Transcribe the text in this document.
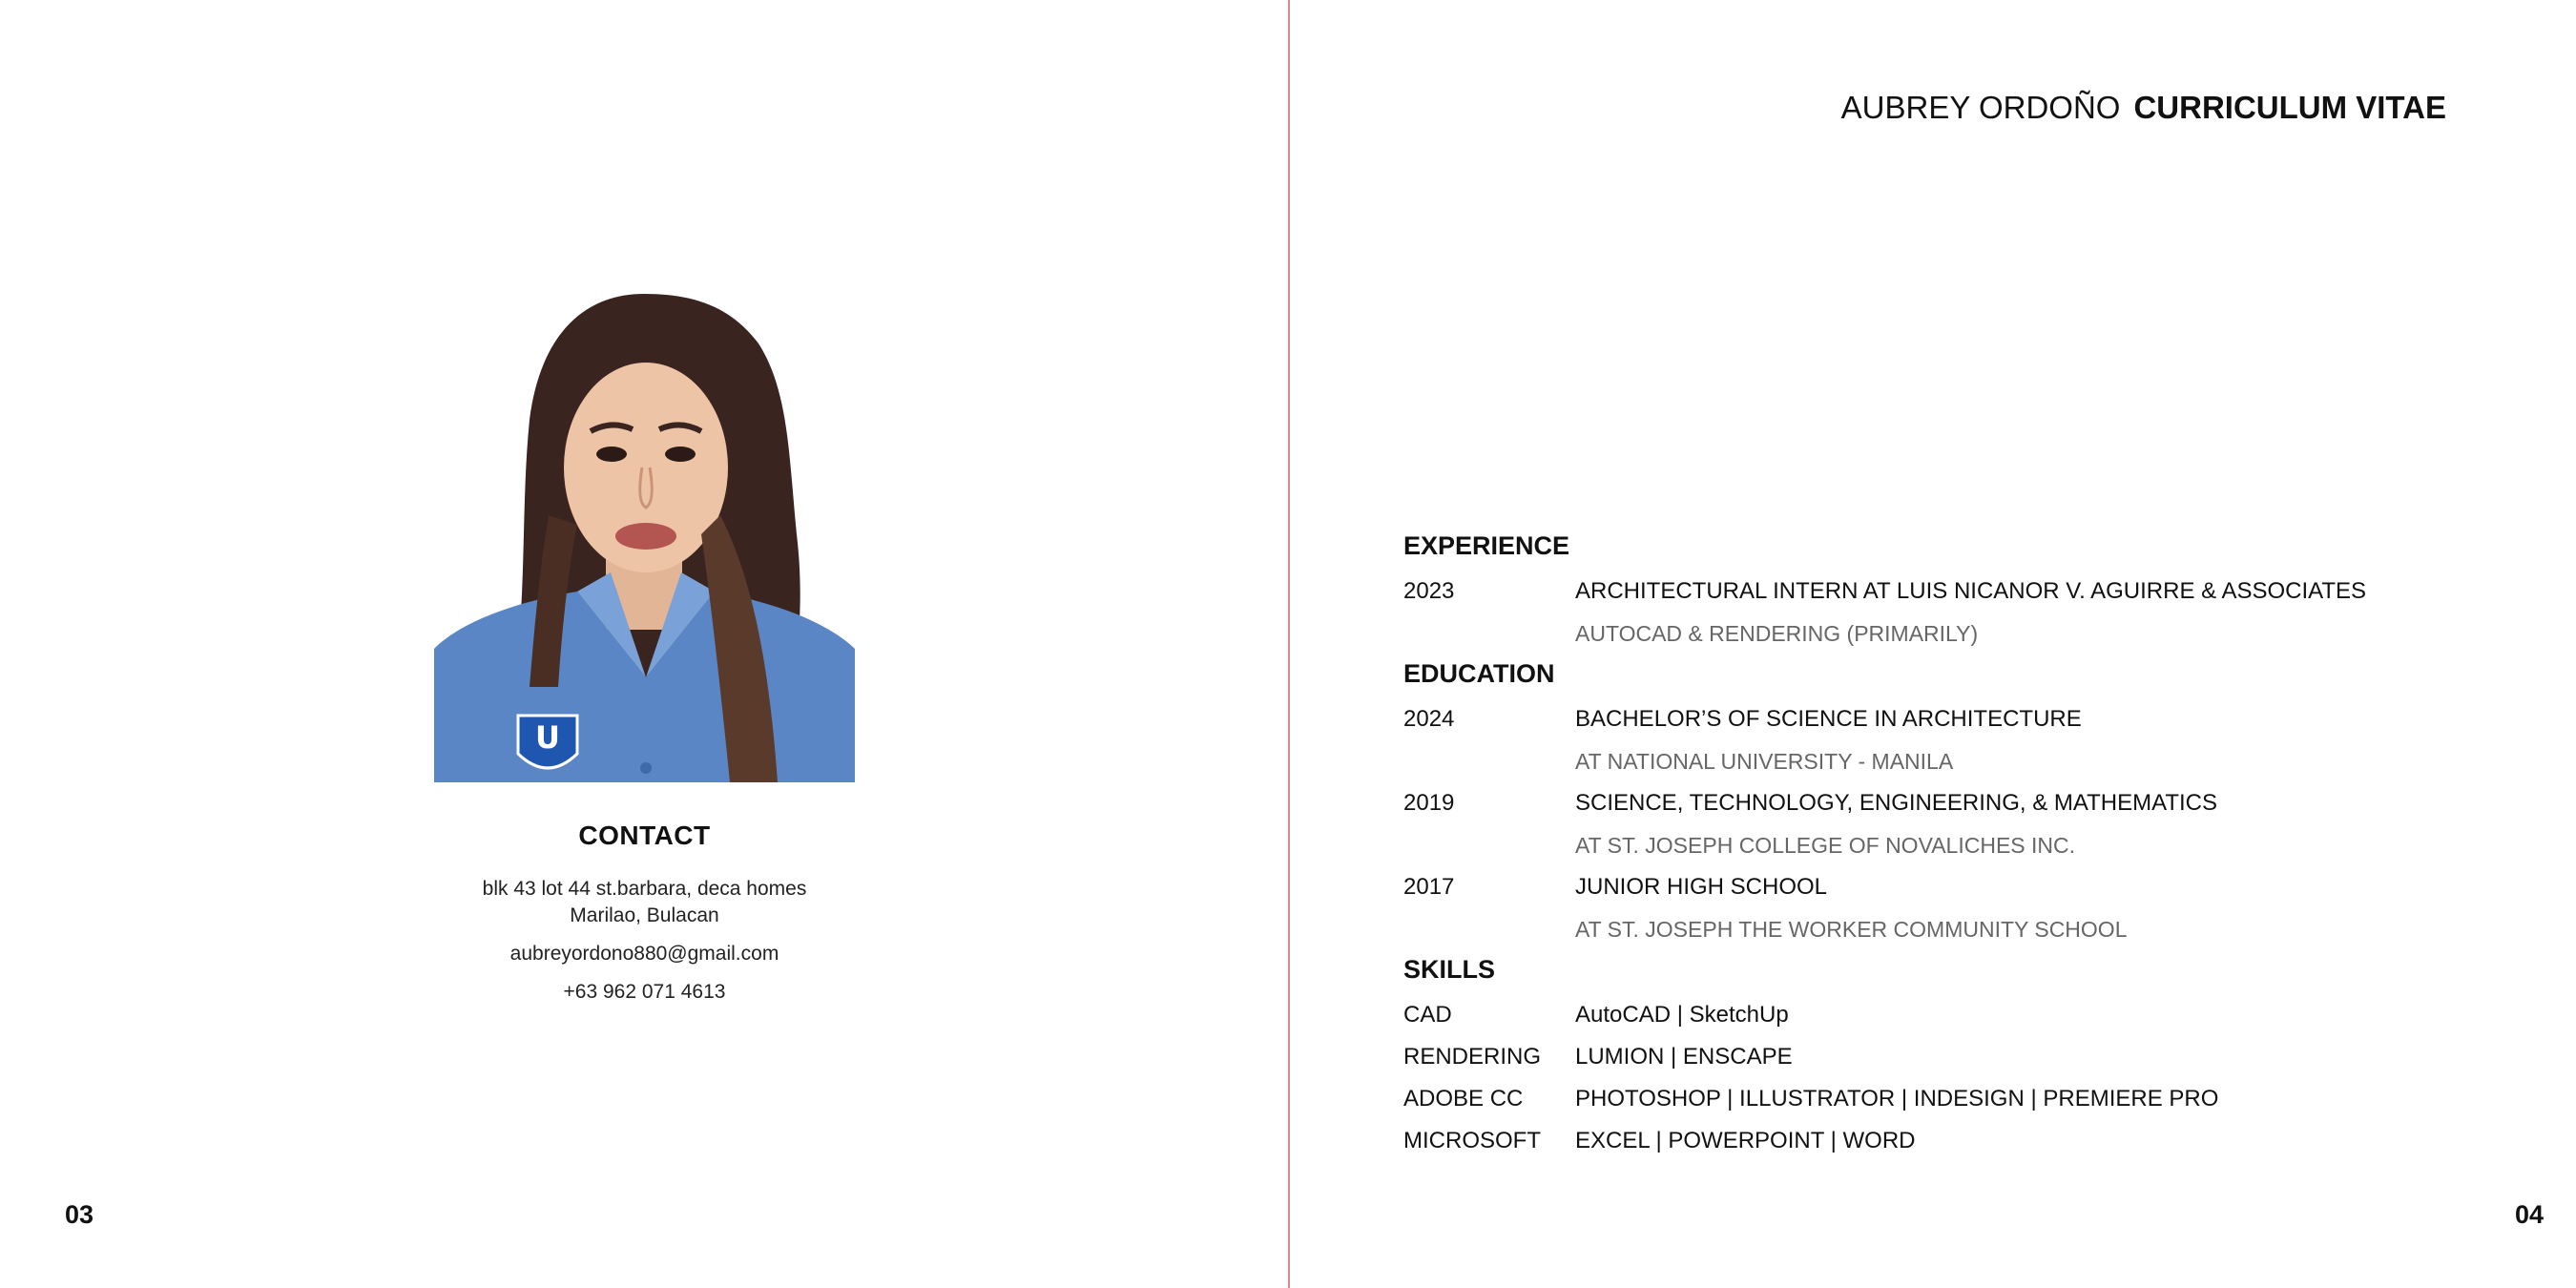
U
CONTACT
blk 43 lot 44 st.barbara, deca homes
Marilao, Bulacan
aubreyordono880@gmail.com
+63 962 071 4613
03
AUBREY ORDOÑO CURRICULUM VITAE
EXPERIENCE
2023	ARCHITECTURAL INTERN AT LUIS NICANOR V. AGUIRRE & ASSOCIATES
AUTOCAD & RENDERING (PRIMARILY)
EDUCATION
2024	BACHELOR’S OF SCIENCE IN ARCHITECTURE
AT NATIONAL UNIVERSITY - MANILA
2019	SCIENCE, TECHNOLOGY, ENGINEERING, & MATHEMATICS
AT ST. JOSEPH COLLEGE OF NOVALICHES INC.
2017	JUNIOR HIGH SCHOOL
AT ST. JOSEPH THE WORKER COMMUNITY SCHOOL
SKILLS
CAD	AutoCAD | SketchUp
RENDERING	LUMION | ENSCAPE
ADOBE CC	PHOTOSHOP | ILLUSTRATOR | INDESIGN | PREMIERE PRO
MICROSOFT	EXCEL | POWERPOINT | WORD
04
